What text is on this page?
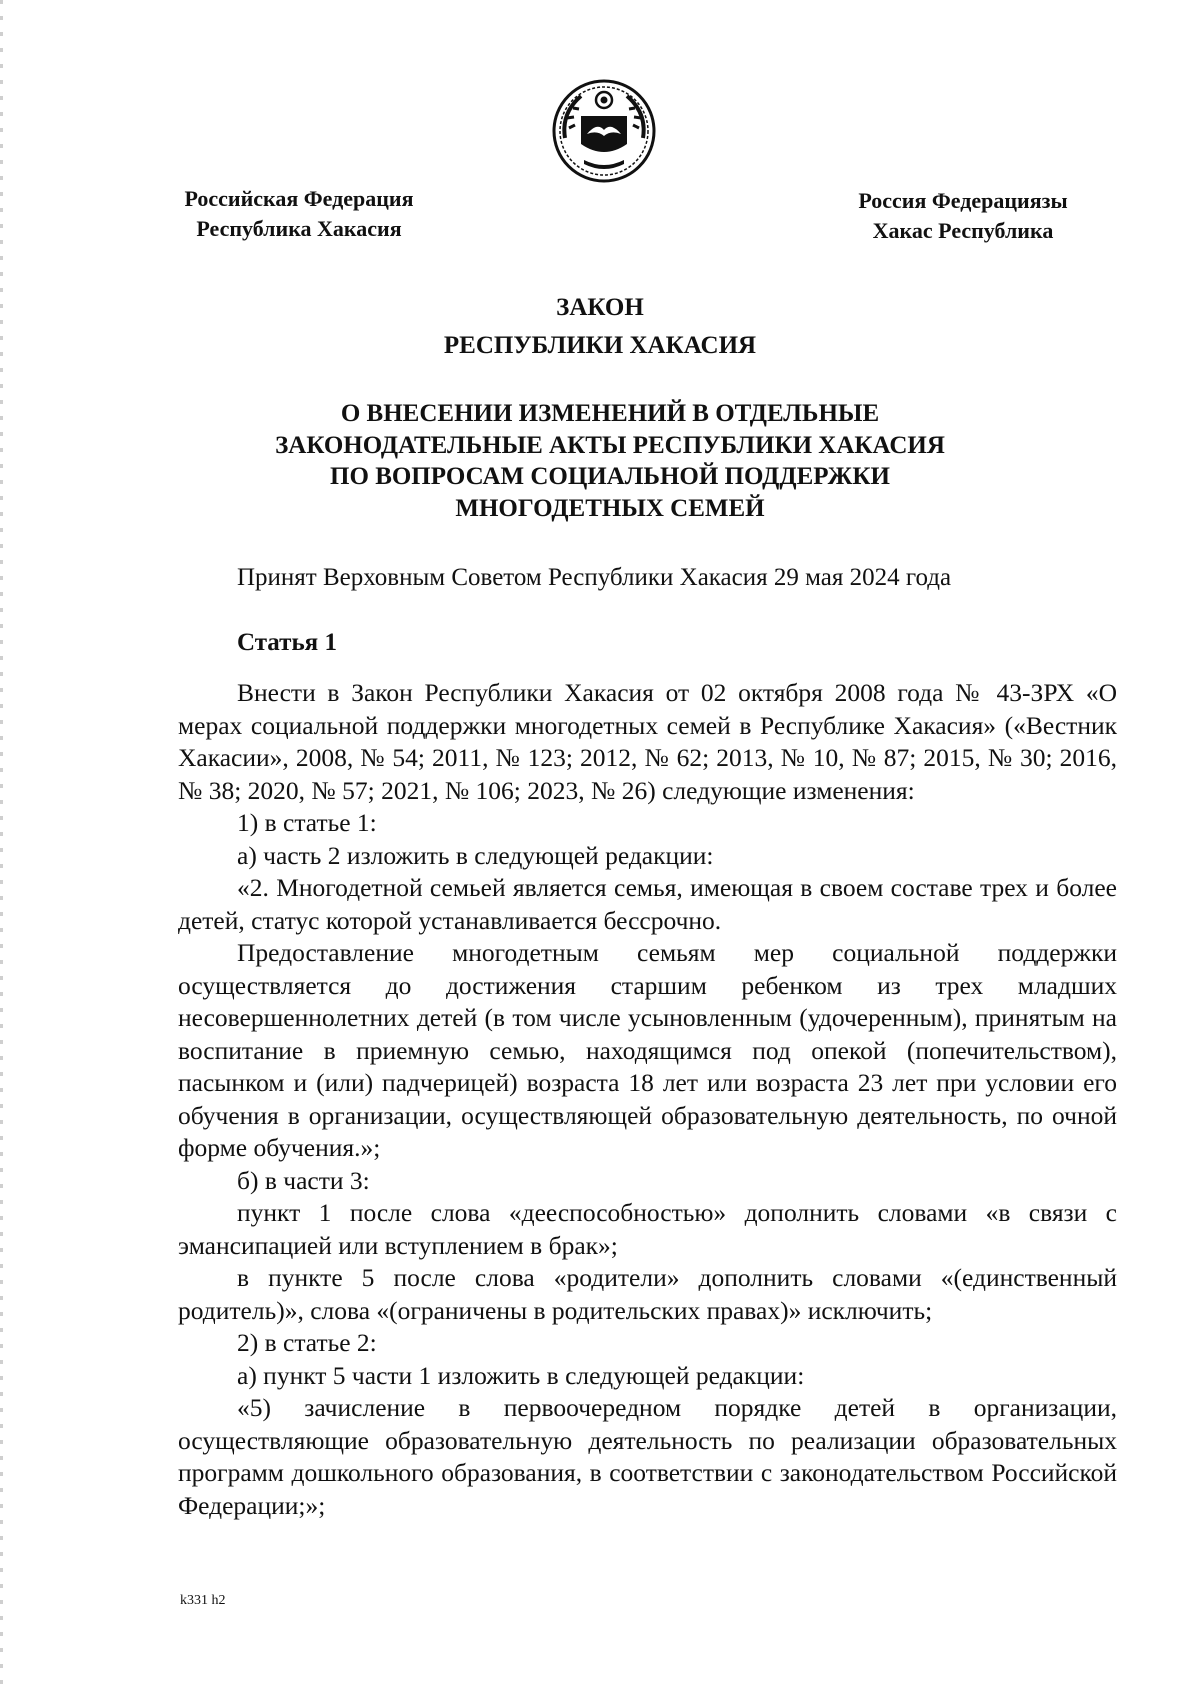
Российская Федерация
Республика Хакасия
Россия Федерациязы
Хакас Республика
ЗАКОН
РЕСПУБЛИКИ ХАКАСИЯ
О ВНЕСЕНИИ ИЗМЕНЕНИЙ В ОТДЕЛЬНЫЕ
ЗАКОНОДАТЕЛЬНЫЕ АКТЫ РЕСПУБЛИКИ ХАКАСИЯ
ПО ВОПРОСАМ СОЦИАЛЬНОЙ ПОДДЕРЖКИ
МНОГОДЕТНЫХ СЕМЕЙ
Принят Верховным Советом Республики Хакасия 29 мая 2024 года
Статья 1

Внести в Закон Республики Хакасия от 02 октября 2008 года № 43-ЗРХ «О мерах социальной поддержки многодетных семей в Республике Хакасия» («Вестник Хакасии», 2008, № 54; 2011, № 123; 2012, № 62; 2013, № 10, № 87; 2015, № 30; 2016, № 38; 2020, № 57; 2021, № 106; 2023, № 26) следующие изменения:

1) в статье 1:

а) часть 2 изложить в следующей редакции:

«2. Многодетной семьей является семья, имеющая в своем составе трех и более детей, статус которой устанавливается бессрочно.

Предоставление многодетным семьям мер социальной поддержки осуществляется до достижения старшим ребенком из трех младших несовершеннолетних детей (в том числе усыновленным (удочеренным), принятым на воспитание в приемную семью, находящимся под опекой (попечительством), пасынком и (или) падчерицей) возраста 18 лет или возраста 23 лет при условии его обучения в организации, осуществляющей образовательную деятельность, по очной форме обучения.»;

б) в части 3:

пункт 1 после слова «дееспособностью» дополнить словами «в связи с эмансипацией или вступлением в брак»;

в пункте 5 после слова «родители» дополнить словами «(единственный родитель)», слова «(ограничены в родительских правах)» исключить;

2) в статье 2:

а) пункт 5 части 1 изложить в следующей редакции:

«5) зачисление в первоочередном порядке детей в организации, осуществляющие образовательную деятельность по реализации образовательных программ дошкольного образования, в соответствии с законодательством Российской Федерации;»;

k331 h2
